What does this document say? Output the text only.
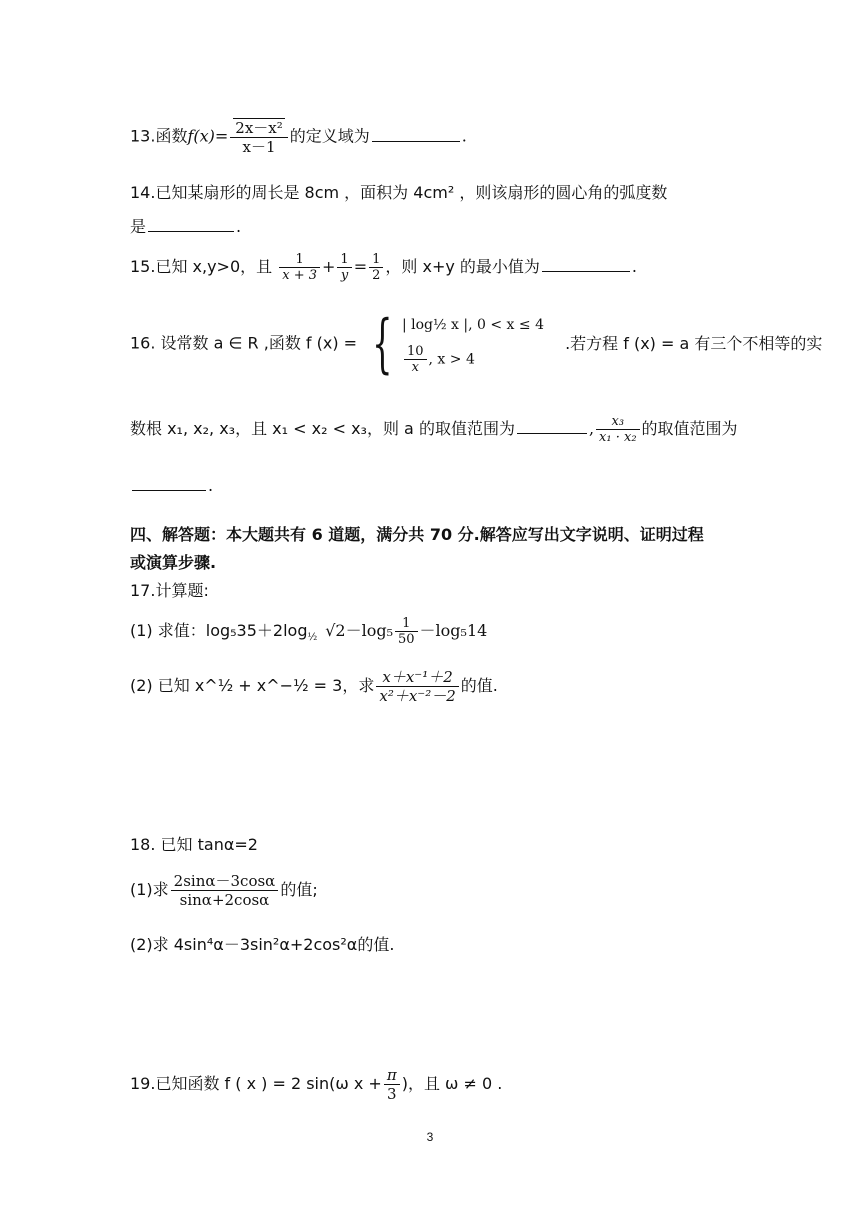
13.函数$f(x)= \frac{\text{2x－x²}}{x-1}$ 的定义域为	.
14.已知某扇形的周长是 8cm ，面积为 4cm² ，则该扇形的圆心角的弧度数
是	.
15.已知 x,y>0，且 $\frac{1}{x + 3} + \frac{1}{y} = \frac{1}{2}$ ，则 x+y 的最小值为	.
16. 设常数 a ∈ R ,函数 f (x) = { | log½ x |, 0 < x ≤ 4
$\frac{10}{x}$ , x > 4
.若方程 f (x) = a 有三个不相等的实
数根 x₁, x₂, x₃，且 x₁ < x₂ < x₃，则 a 的取值范围为	, $\frac{\text{x₃}}{\text{x₁ · x₂}}$ 的取值范围为
.
四、解答题：本大题共有 6 道题，满分共 70 分.解答应写出文字说明、证明过程
或演算步骤.
17.计算题:
(1) 求值：$\log_535+2\log_{\frac{1}{2}}$ $√2-\log_5 \frac{1}{50} -\log_514$
(2) 已知 x^½ + x^−½ = 3，求 $\frac{\text{x＋x⁻¹＋2}}{\text{x²＋x⁻²－2}}$ 的值.
18. 已知 tanα=2
(1)求 $\frac{2\sin\alpha-3\cos\alpha}{\sin\alpha+2\cos\alpha}$ 的值;
(2)求 4sin⁴α－3sin²α+2cos²α的值.
19.已知函数 f ( x ) = 2 sin(ω $x + \frac{\pi}{3}$ )，且 ω ≠ 0 .
3
